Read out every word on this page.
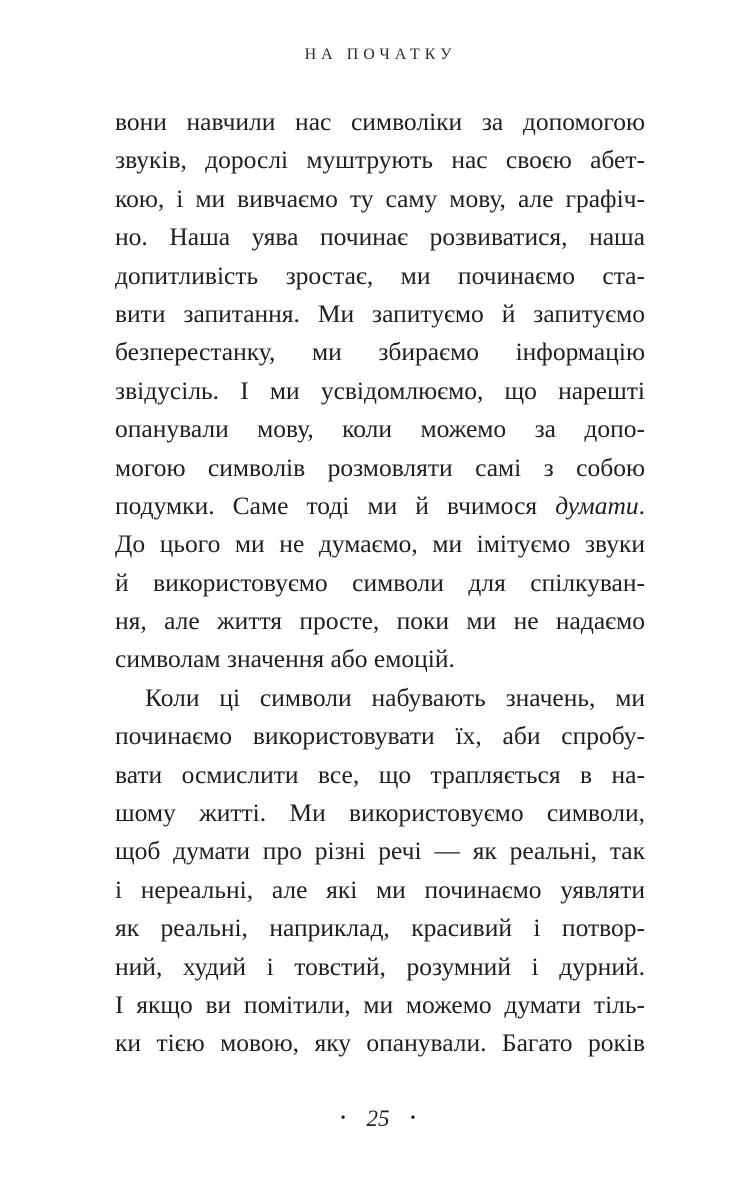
НА ПОЧАТКУ
вони навчили нас символіки за допомогою
звуків, дорослі муштрують нас своєю абет-
кою, і ми вивчаємо ту саму мову, але графіч-
но. Наша уява починає розвиватися, наша
допитливість зростає, ми починаємо ста-
вити запитання. Ми запитуємо й запитуємо
безперестанку, ми збираємо інформацію
звідусіль. І ми усвідомлюємо, що нарешті
опанували мову, коли можемо за допо-
могою символів розмовляти самі з собою
подумки. Саме тоді ми й вчимося думати.
До цього ми не думаємо, ми імітуємо звуки
й використовуємо символи для спілкуван-
ня, але життя просте, поки ми не надаємо
символам значення або емоцій.
Коли ці символи набувають значень, ми
починаємо використовувати їх, аби спробу-
вати осмислити все, що трапляється в на-
шому житті. Ми використовуємо символи,
щоб думати про різні речі — як реальні, так
і нереальні, але які ми починаємо уявляти
як реальні, наприклад, красивий і потвор-
ний, худий і товстий, розумний і дурний.
І якщо ви помітили, ми можемо думати тіль-
ки тією мовою, яку опанували. Багато років
• 25 •
